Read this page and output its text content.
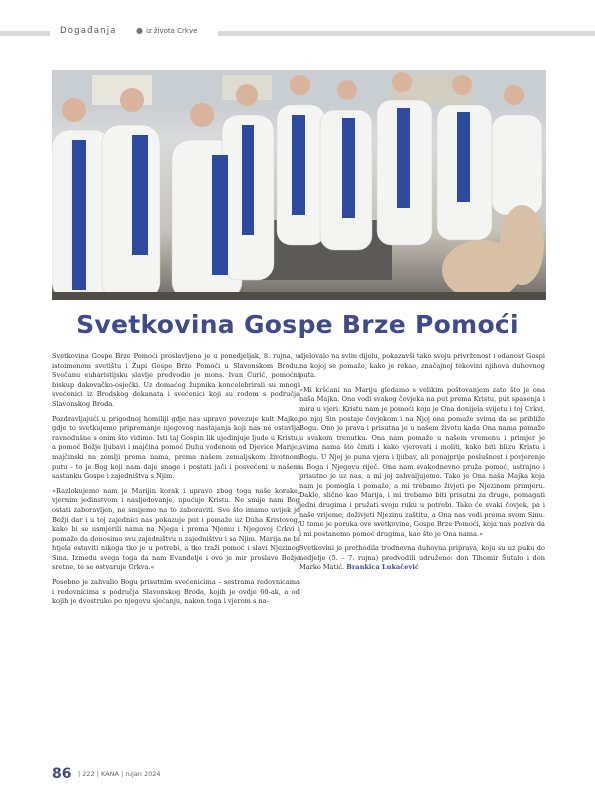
Događanja ● iz života Crkve
Svetkovina Gospe Brze Pomoći

Svetkovina Gospe Brze Pomoći proslavljena je u ponedjeljak, 8. rujna, u istoimenom svetištu i Župi Gospe Brze Pomoći u Slavonskom Brodu. Svečanu euharistijsku slavlje predvodio je mons. Ivan Ćurić, pomoćni biskup đakovačko-osječki. Uz domaćeg župnika koncelebrirali su mnogi svećenici iz Brodskog dekanata i svećenici koji su rodom s područja Slavonskog Broda.

Pozdravljajući u prigodnoj homiliji gdje nas upravo povezuje kult Majke, gdje to svetkujemo pripremanje njegovog nastajanja koji nas ne ostavlja ravnodušne s onim što vidimo. Isti taj Gospin lik ujedinjuje ljude u Kristu, a pomoć Božje ljubavi i majčina pomoć Duhu vođenom od Djevice Marije, majčinski na zemlji prema nama, prema našem zemaljskom životnom putu - to je Bog koji nam daje snage i postati jači i posvećeni u našem sastanku Gospe i zajedništva s Njim.

»Razlokujemo nam je Marijin korak i upravo zbog toga naše korake, vjernim jedinstvom i nasljedovanje, upućuje Kristu. Ne smije nam Bog ostati zaboravljen, ne smijemo na to zaboraviti. Sve što imamo uvijek je Božji dar i u toj zajednici nas pokazuje put i pomaže uz Duha Kristovog, kako bi se usmjerili nama na Njega i prema Njemu i Njegovoj Crkvi i pomaže da donosimo svu zajedništvu u zajedništvu i sa Njim. Marija ne bi htjela ostaviti nikoga tko je u potrebi, a tko traži pomoć i slavi Njezinog Sina. Izmedu svega toga da nam Evanđelje i ovo je mir proslave Božje sretne, te se ostvaruje Crkva.«

Posebno je zahvalio Bogu prisutnim svećenicima – sestrama redovnicama i redovnicima s područja Slavonskog Broda, kojih je ovdje 60-ak, a od kojih je dvostruko po njegovu sjećanju, nakon toga i vjerom s na-

djelovalo na svim dijelu, pokazavši tako svoju privrženost i odanost Gospi na kojoj se pomaže, kako je rekao, značajnoj tekovini njihova duhovnog puta.

»Mi kršćani na Mariju gledamo s velikim poštovanjem zato što je ona naša Majka. Ona vodi svakog čovjeka na put prema Kristu, put spasenja i mira u vjeri. Kristu nam je pomoći koju je Ona donijela svijetu i toj Crkvi, po njoj Sin postaje čovjekom i na Njoj ona pomaže svima da se približe Bogu. Ono je prava i prisutna je u našem životu kada Ona nama pomaže u svakom trenutku. Ona nam pomaže u našem vremenu i primjer je svima nama što činiti i kako vjerovati i moliti, kako biti blizu Kristu i Bogu. U Njoj je puna vjera i ljubav, ali ponajprije poslušnost i povjerenje u Boga i Njegovu riječ. Ona nam svakodnevno pruža pomoć, ustrajno i prisutno je uz nas, a mi joj zahvaljujemo. Tako je Ona naša Majka koja nam je pomogla i pomaže, a mi trebamo živjeti po Njezinom primjeru. Dakle, slično kao Marija, i mi trebamo biti prisutni za druge, pomagati jedni drugima i pružati svoju ruku u potrebi. Tako će svaki čovjek, pa i naše vrijeme, doživjeti Njezinu zaštitu, a Ona nas vodi prema svom Sinu. U tome je poruka ove svetkovine, Gospe Brze Pomoći, koja nas poziva da i mi postanemo pomoć drugima, kao što je Ona nama.«

Svetkovini je prethodila trodnevna duhovna priprava, koju su uz puku do nedjelje (5. – 7. rujna) predvodili udruženo: don Tihomir Šutalo i don Marko Matić. Brankica Lukačević

86 | 222 | KANA | rujan 2024
